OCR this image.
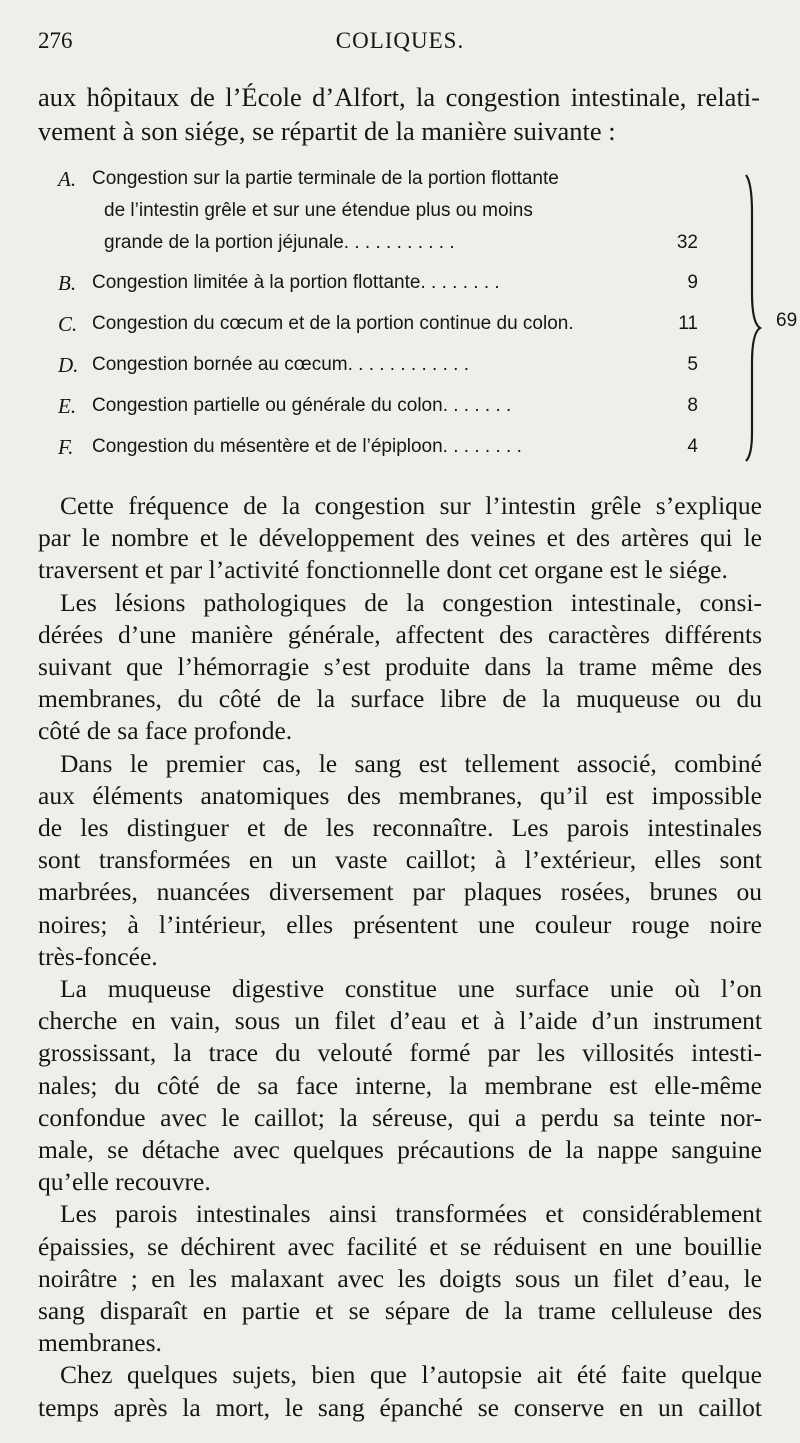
276	COLIQUES.
aux hôpitaux de l’École d’Alfort, la congestion intestinale, relati-
vement à son siége, se répartit de la manière suivante :
A. Congestion sur la partie terminale de la portion flottante
de l’intestin grêle et sur une étendue plus ou moins
grande de la portion jéjunale. . . . . . . . . . .	32
B. Congestion limitée à la portion flottante. . . . . . . .	9
C. Congestion du cœcum et de la portion continue du colon.	11
D. Congestion bornée au cœcum. . . . . . . . . . . .	5
E. Congestion partielle ou générale du colon. . . . . . .	8
F. Congestion du mésentère et de l’épiploon. . . . . . . .	4
69
Cette fréquence de la congestion sur l’intestin grêle s’explique
par le nombre et le développement des veines et des artères qui le
traversent et par l’activité fonctionnelle dont cet organe est le siége.
Les lésions pathologiques de la congestion intestinale, consi-
dérées d’une manière générale, affectent des caractères différents
suivant que l’hémorragie s’est produite dans la trame même des
membranes, du côté de la surface libre de la muqueuse ou du
côté de sa face profonde.
Dans le premier cas, le sang est tellement associé, combiné
aux éléments anatomiques des membranes, qu’il est impossible
de les distinguer et de les reconnaître. Les parois intestinales
sont transformées en un vaste caillot; à l’extérieur, elles sont
marbrées, nuancées diversement par plaques rosées, brunes ou
noires; à l’intérieur, elles présentent une couleur rouge noire
très-foncée.
La muqueuse digestive constitue une surface unie où l’on
cherche en vain, sous un filet d’eau et à l’aide d’un instrument
grossissant, la trace du velouté formé par les villosités intesti-
nales; du côté de sa face interne, la membrane est elle-même
confondue avec le caillot; la séreuse, qui a perdu sa teinte nor-
male, se détache avec quelques précautions de la nappe sanguine
qu’elle recouvre.
Les parois intestinales ainsi transformées et considérablement
épaissies, se déchirent avec facilité et se réduisent en une bouillie
noirâtre ; en les malaxant avec les doigts sous un filet d’eau, le
sang disparaît en partie et se sépare de la trame celluleuse des
membranes.
Chez quelques sujets, bien que l’autopsie ait été faite quelque
temps après la mort, le sang épanché se conserve en un caillot
